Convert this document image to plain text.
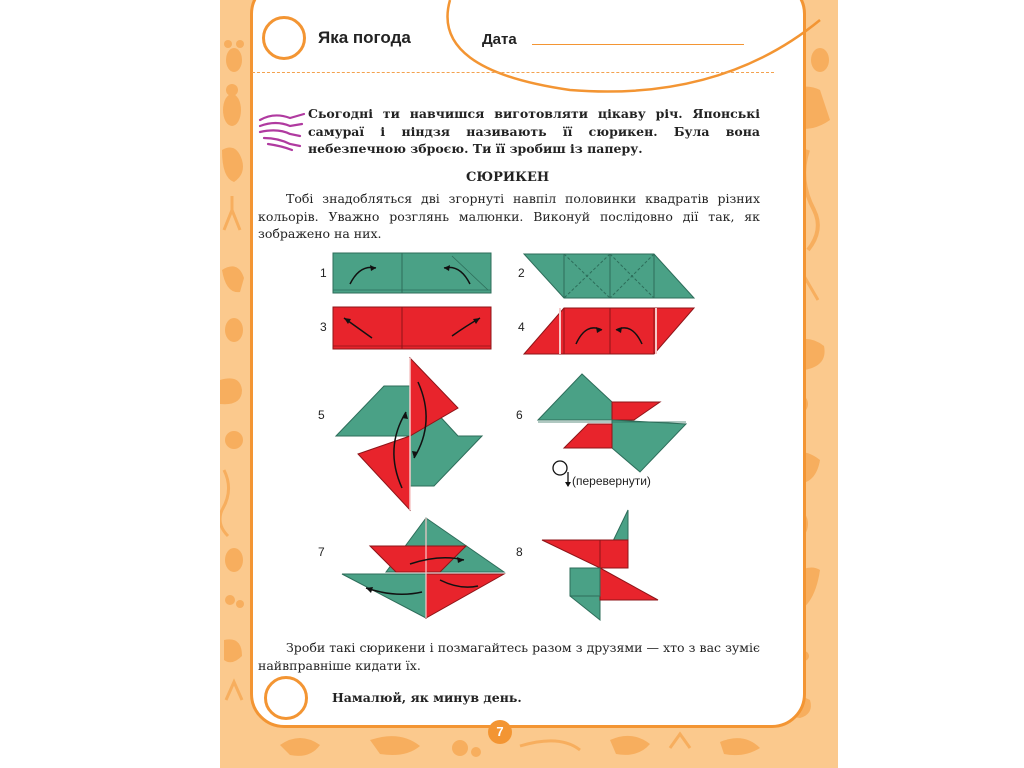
Яка погода	Дата
Сьогодні ти навчишся виготовляти цікаву річ. Японські самураї і ніндзя називають її сюрикен. Була вона небезпечною зброєю. Ти її зробиш із паперу.
СЮРИКЕН
Тобі знадобляться дві згорнуті навпіл половинки квадратів різних кольорів. Уважно розглянь малюнки. Виконуй послідовно дії так, як зображено на них.
1	2
3	4
5	6
7	8
(перевернути)
Зроби такі сюрикени і позмагайтесь разом з друзями — хто з вас зуміє найвправніше кидати їх.
Намалюй, як минув день.
7
